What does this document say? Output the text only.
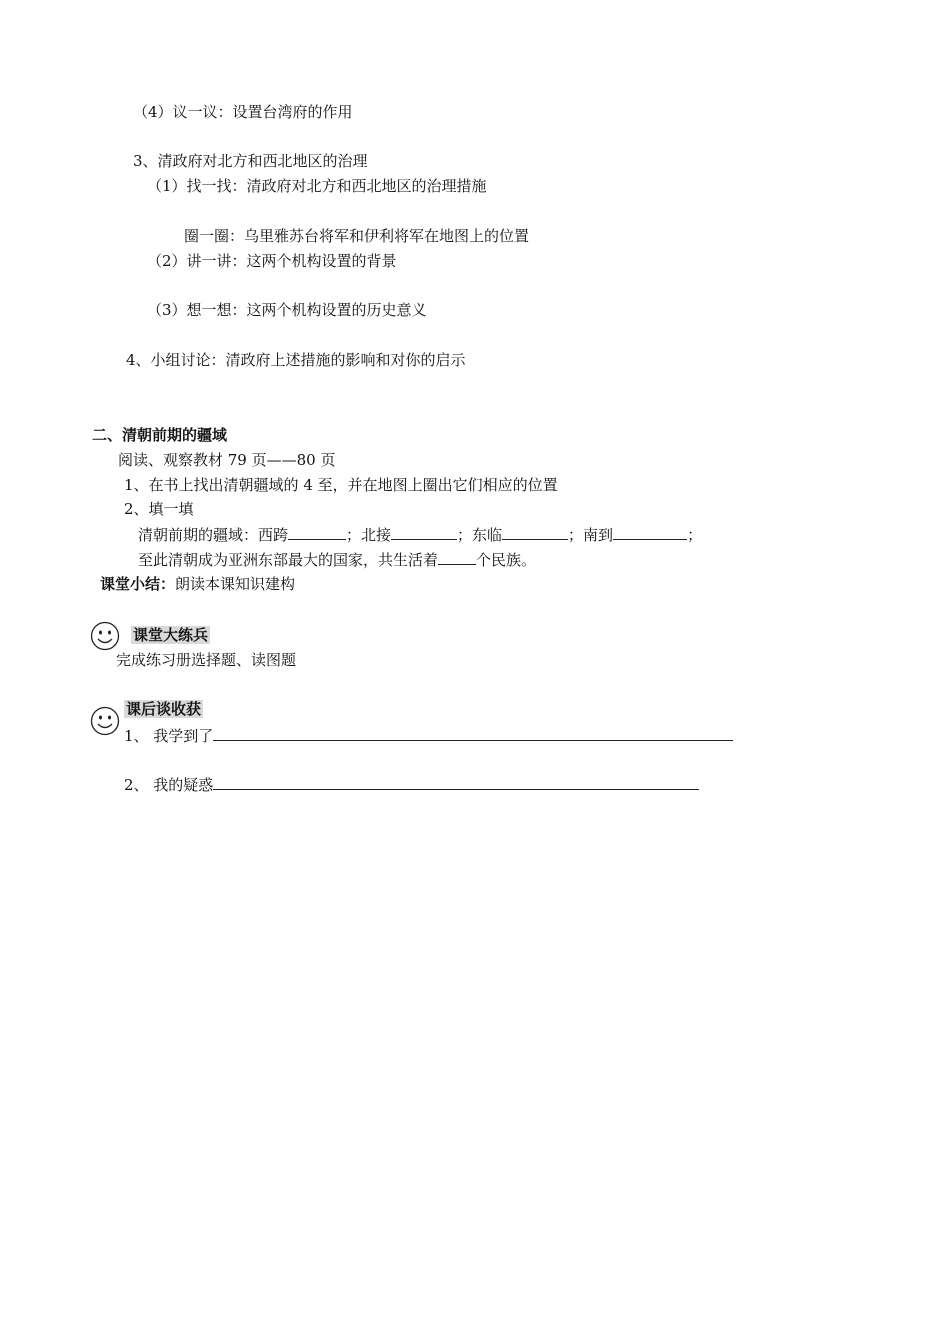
（4）议一议：设置台湾府的作用
3、清政府对北方和西北地区的治理
（1）找一找：清政府对北方和西北地区的治理措施
圈一圈：乌里雅苏台将军和伊利将军在地图上的位置
（2）讲一讲：这两个机构设置的背景
（3）想一想：这两个机构设置的历史意义
4、小组讨论：清政府上述措施的影响和对你的启示
二、清朝前期的疆域
阅读、观察教材 79 页——80 页
1、在书上找出清朝疆域的 4 至，并在地图上圈出它们相应的位置
2、填一填
清朝前期的疆域：西跨	；北接	；东临	；南到	；
至此清朝成为亚洲东部最大的国家，共生活着	个民族。
课堂小结：朗读本课知识建构
课堂大练兵
完成练习册选择题、读图题
课后谈收获
1、 我学到了
2、 我的疑惑
